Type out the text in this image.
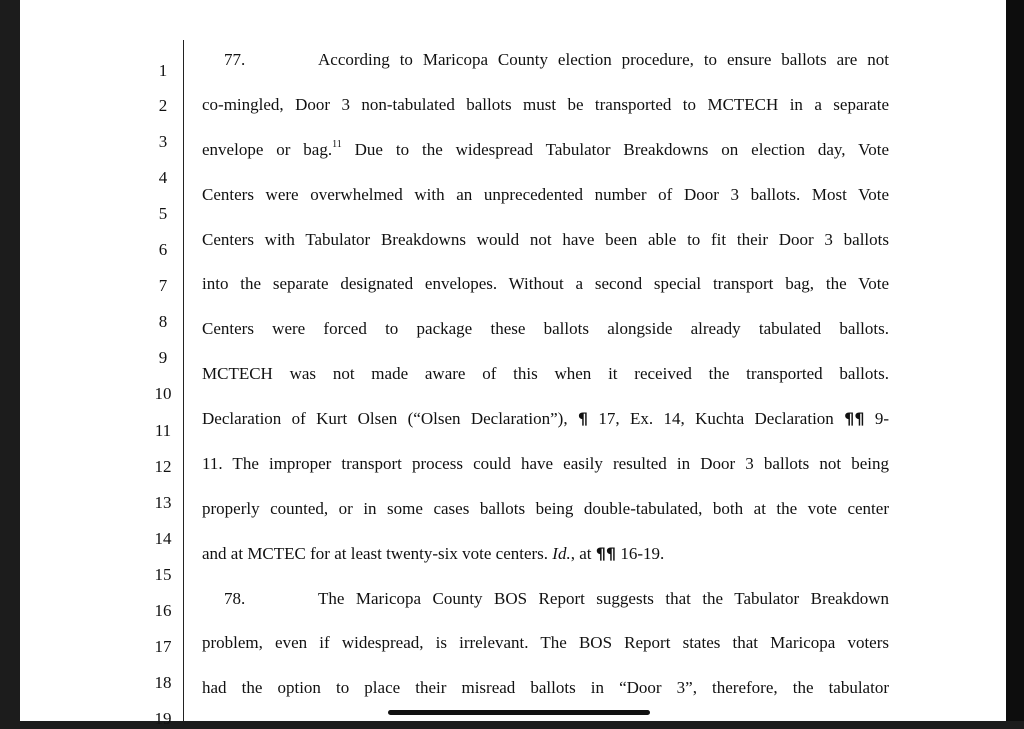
1
2
3
4
5
6
7
8
9
10
11
12
13
14
15
16
17
18
19
77.	According to Maricopa County election procedure, to ensure ballots are not
co-mingled, Door 3 non-tabulated ballots must be transported to MCTECH in a separate
envelope or bag.$^{11}$ Due to the widespread Tabulator Breakdowns on election day, Vote
Centers were overwhelmed with an unprecedented number of Door 3 ballots. Most Vote
Centers with Tabulator Breakdowns would not have been able to fit their Door 3 ballots
into the separate designated envelopes. Without a second special transport bag, the Vote
Centers were forced to package these ballots alongside already tabulated ballots.
MCTECH was not made aware of this when it received the transported ballots.
Declaration of Kurt Olsen (“Olsen Declaration”), ¶ 17, Ex. 14, Kuchta Declaration ¶¶ 9-
11. The improper transport process could have easily resulted in Door 3 ballots not being
properly counted, or in some cases ballots being double-tabulated, both at the vote center
and at MCTEC for at least twenty-six vote centers. Id., at ¶¶ 16-19.
78.	The Maricopa County BOS Report suggests that the Tabulator Breakdown
problem, even if widespread, is irrelevant. The BOS Report states that Maricopa voters
had the option to place their misread ballots in “Door 3”, therefore, the tabulator
